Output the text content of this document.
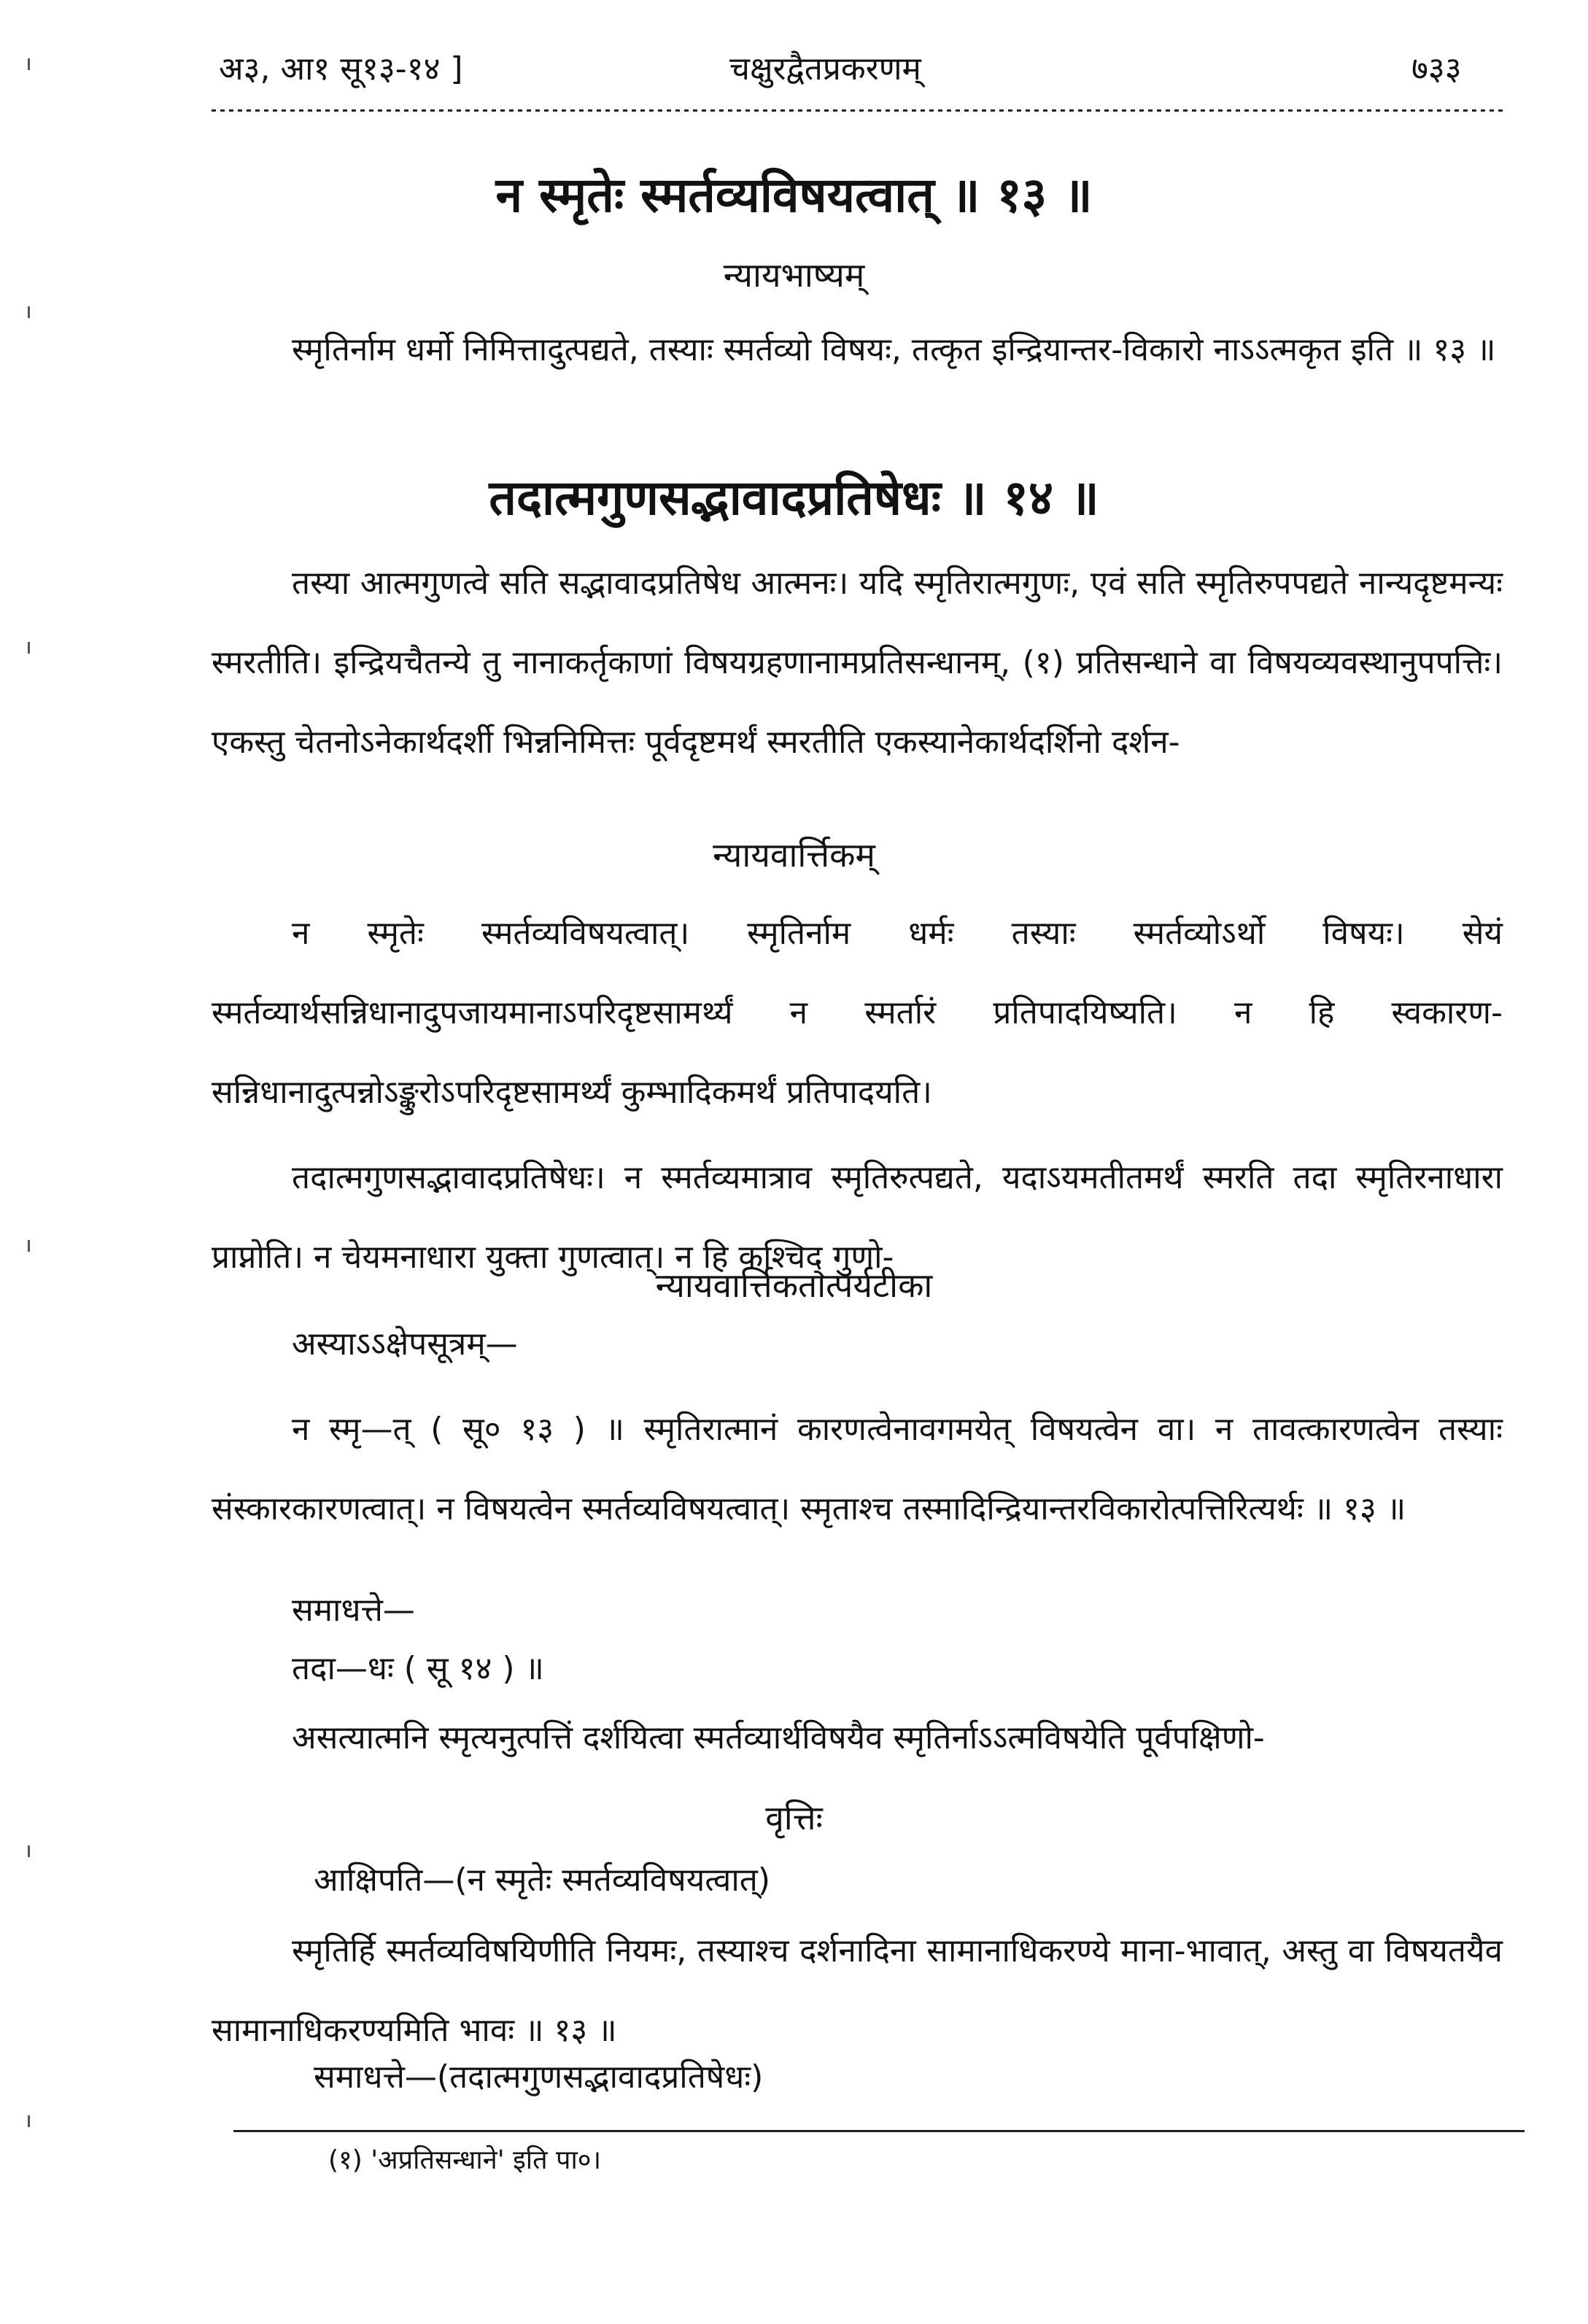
अ३, आ१ सू१३-१४ ]	चक्षुरद्वैतप्रकरणम्	७३३
न स्मृतेः स्मर्तव्यविषयत्वात् ॥ १३ ॥
न्यायभाष्यम्
स्मृतिर्नाम धर्मो निमित्तादुत्पद्यते, तस्याः स्मर्तव्यो विषयः, तत्कृत इन्द्रियान्तर-विकारो नाऽऽत्मकृत इति ॥ १३ ॥
तदात्मगुणसद्भावादप्रतिषेधः ॥ १४ ॥
तस्या आत्मगुणत्वे सति सद्भावादप्रतिषेध आत्मनः। यदि स्मृतिरात्मगुणः, एवं सति स्मृतिरुपपद्यते नान्यदृष्टमन्यः स्मरतीति। इन्द्रियचैतन्ये तु नानाकर्तृकाणां विषयग्रहणानामप्रतिसन्धानम्, (१) प्रतिसन्धाने वा विषयव्यवस्थानुपपत्तिः। एकस्तु चेतनोऽनेकार्थदर्शी भिन्ननिमित्तः पूर्वदृष्टमर्थं स्मरतीति एकस्यानेकार्थदर्शिनो दर्शन-
न्यायवार्त्तिकम्
न स्मृतेः स्मर्तव्यविषयत्वात्। स्मृतिर्नाम धर्मः तस्याः स्मर्तव्योऽर्थो विषयः। सेयं स्मर्तव्यार्थसन्निधानादुपजायमानाऽपरिदृष्टसामर्थ्यं न स्मर्तारं प्रतिपादयिष्यति। न हि स्वकारण-सन्निधानादुत्पन्नोऽङ्कुरोऽपरिदृष्टसामर्थ्यं कुम्भादिकमर्थं प्रतिपादयति।
तदात्मगुणसद्भावादप्रतिषेधः। न स्मर्तव्यमात्राव स्मृतिरुत्पद्यते, यदाऽयमतीतमर्थं स्मरति तदा स्मृतिरनाधारा प्राप्नोति। न चेयमनाधारा युक्ता गुणत्वात्। न हि कश्चिद् गुणो-
न्यायवार्त्तिकतात्पर्यटीका
अस्याऽऽक्षेपसूत्रम्—
न स्मृ—त् ( सू० १३ ) ॥ स्मृतिरात्मानं कारणत्वेनावगमयेत् विषयत्वेन वा। न तावत्कारणत्वेन तस्याः संस्कारकारणत्वात्। न विषयत्वेन स्मर्तव्यविषयत्वात्। स्मृताश्च तस्मादिन्द्रियान्तरविकारोत्पत्तिरित्यर्थः ॥ १३ ॥
समाधत्ते—
तदा—धः ( सू १४ ) ॥
असत्यात्मनि स्मृत्यनुत्पत्तिं दर्शयित्वा स्मर्तव्यार्थविषयैव स्मृतिर्नाऽऽत्मविषयेति पूर्वपक्षिणो-
वृत्तिः
आक्षिपति—(न स्मृतेः स्मर्तव्यविषयत्वात्)
स्मृतिर्हि स्मर्तव्यविषयिणीति नियमः, तस्याश्च दर्शनादिना सामानाधिकरण्ये माना-भावात्, अस्तु वा विषयतयैव सामानाधिकरण्यमिति भावः ॥ १३ ॥
समाधत्ते—(तदात्मगुणसद्भावादप्रतिषेधः)
(१) 'अप्रतिसन्धाने' इति पा०।
